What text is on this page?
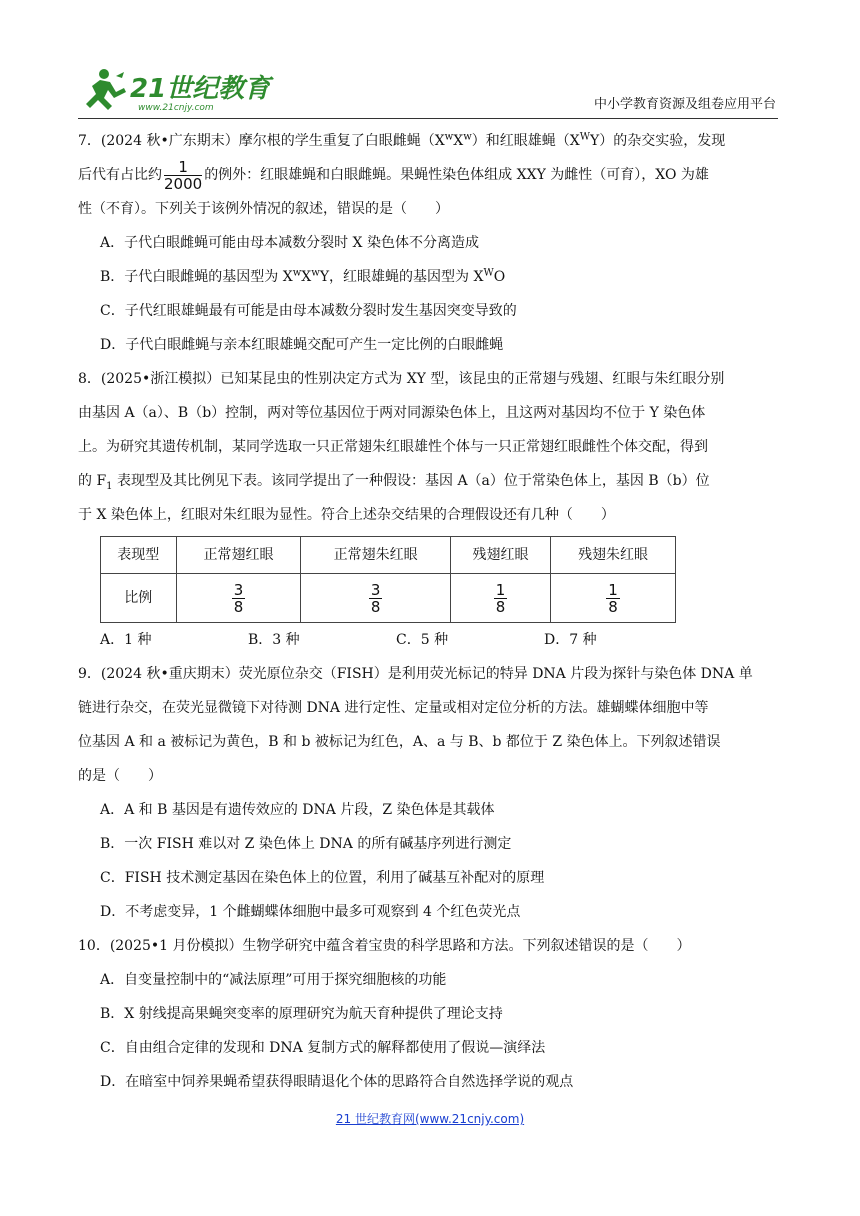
21世纪教育
www.21cnjy.com	中小学教育资源及组卷应用平台
7．(2024 秋•广东期末）摩尔根的学生重复了白眼雌蝇$(X^wX^w)$和红眼雄蝇$(X^WY)$的杂交实验，发现
后代有占比约 $\frac{1}{2000}$ 的例外：红眼雄蝇和白眼雌蝇。果蝇性染色体组成 XXY 为雌性（可育），XO 为雄
性（不育）。下列关于该例外情况的叙述，错误的是（　　）
A．子代白眼雌蝇可能由母本减数分裂时 X 染色体不分离造成
B．子代白眼雌蝇的基因型为 $X^wX^wY$，红眼雄蝇的基因型为 $X^WO$
C．子代红眼雄蝇最有可能是由母本减数分裂时发生基因突变导致的
D．子代白眼雌蝇与亲本红眼雄蝇交配可产生一定比例的白眼雌蝇
8．(2025•浙江模拟）已知某昆虫的性别决定方式为 XY 型，该昆虫的正常翅与残翅、红眼与朱红眼分别
由基因 A（a）、B（b）控制，两对等位基因位于两对同源染色体上，且这两对基因均不位于 Y 染色体
上。为研究其遗传机制，某同学选取一只正常翅朱红眼雄性个体与一只正常翅红眼雌性个体交配，得到
的 $F_1$ 表现型及其比例见下表。该同学提出了一种假设：基因 A（a）位于常染色体上，基因 B（b）位
于 X 染色体上，红眼对朱红眼为显性。符合上述杂交结果的合理假设还有几种（　　）
表现型	正常翅红眼	正常翅朱红眼	残翅红眼	残翅朱红眼
比例	$\frac{3}{8}$	$\frac{3}{8}$	$\frac{1}{8}$	$\frac{1}{8}$
A．1 种	B．3 种	C．5 种	D．7 种
9．(2024 秋•重庆期末）荧光原位杂交（FISH）是利用荧光标记的特异 DNA 片段为探针与染色体 DNA 单
链进行杂交，在荧光显微镜下对待测 DNA 进行定性、定量或相对定位分析的方法。雄蝴蝶体细胞中等
位基因 A 和 a 被标记为黄色，B 和 b 被标记为红色，A、a 与 B、b 都位于 Z 染色体上。下列叙述错误
的是（　　）
A．A 和 B 基因是有遗传效应的 DNA 片段，Z 染色体是其载体
B．一次 FISH 难以对 Z 染色体上 DNA 的所有碱基序列进行测定
C．FISH 技术测定基因在染色体上的位置，利用了碱基互补配对的原理
D．不考虑变异，1 个雌蝴蝶体细胞中最多可观察到 4 个红色荧光点
10．(2025•1 月份模拟）生物学研究中蕴含着宝贵的科学思路和方法。下列叙述错误的是（　　）
A．自变量控制中的“减法原理”可用于探究细胞核的功能
B．X 射线提高果蝇突变率的原理研究为航天育种提供了理论支持
C．自由组合定律的发现和 DNA 复制方式的解释都使用了假说—演绎法
D．在暗室中饲养果蝇希望获得眼睛退化个体的思路符合自然选择学说的观点
21 世纪教育网(www.21cnjy.com)
